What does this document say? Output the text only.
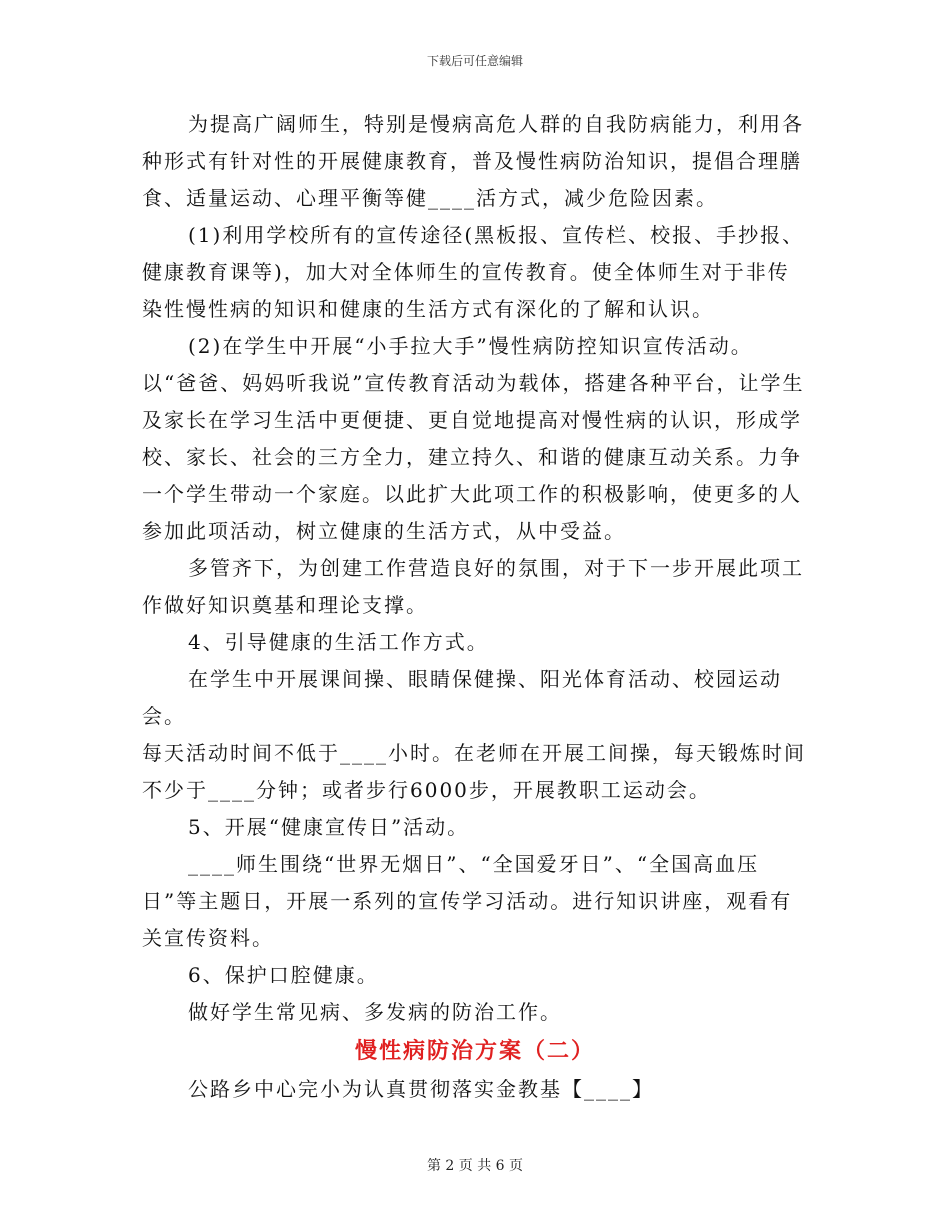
下载后可任意编辑

为提高广阔师生，特别是慢病高危人群的自我防病能力，利用各种形式有针对性的开展健康教育，普及慢性病防治知识，提倡合理膳食、适量运动、心理平衡等健____活方式，减少危险因素。

(1)利用学校所有的宣传途径(黑板报、宣传栏、校报、手抄报、健康教育课等)，加大对全体师生的宣传教育。使全体师生对于非传染性慢性病的知识和健康的生活方式有深化的了解和认识。

(2)在学生中开展“小手拉大手”慢性病防控知识宣传活动。以“爸爸、妈妈听我说”宣传教育活动为载体，搭建各种平台，让学生及家长在学习生活中更便捷、更自觉地提高对慢性病的认识，形成学校、家长、社会的三方全力，建立持久、和谐的健康互动关系。力争一个学生带动一个家庭。以此扩大此项工作的积极影响，使更多的人参加此项活动，树立健康的生活方式，从中受益。

多管齐下，为创建工作营造良好的氛围，对于下一步开展此项工作做好知识奠基和理论支撑。

4、引导健康的生活工作方式。

在学生中开展课间操、眼睛保健操、阳光体育活动、校园运动会。

每天活动时间不低于____小时。在老师在开展工间操，每天锻炼时间不少于____分钟；或者步行6000步，开展教职工运动会。

5、开展“健康宣传日”活动。

____师生围绕“世界无烟日”、“全国爱牙日”、“全国高血压日”等主题日，开展一系列的宣传学习活动。进行知识讲座，观看有关宣传资料。

6、保护口腔健康。

做好学生常见病、多发病的防治工作。

慢性病防治方案（二）

公路乡中心完小为认真贯彻落实金教基【____】

第 2 页 共 6 页
